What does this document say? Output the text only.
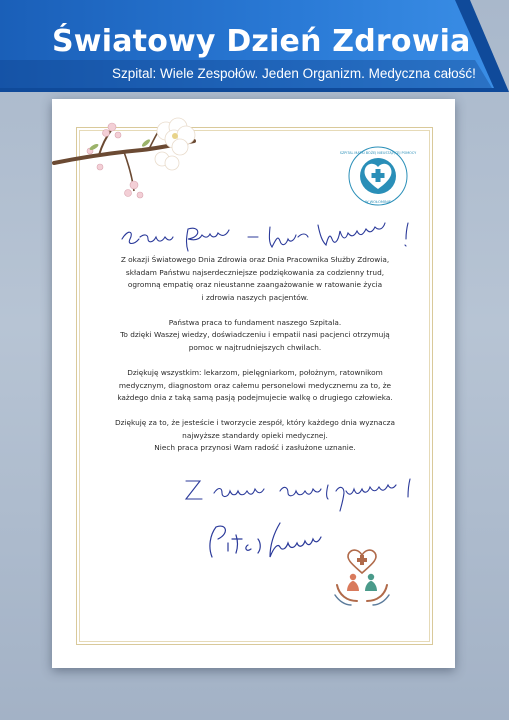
Światowy Dzień Zdrowia
Szpital: Wiele Zespołów. Jeden Organizm. Medyczna całość!
SZPITAL MATKI BOŻEJ NIEUSTAJĄCEJ POMOCY
W WOŁOMINIE
Szanowni Państwo - drodzy Współpracownicy!

Z okazji Światowego Dnia Zdrowia oraz Dnia Pracownika Służby Zdrowia,
składam Państwu najserdeczniejsze podziękowania za codzienny trud,
ogromną empatię oraz nieustanne zaangażowanie w ratowanie życia
i zdrowia naszych pacjentów.

Państwa praca to fundament naszego Szpitala.
To dzięki Waszej wiedzy, doświadczeniu i empatii nasi pacjenci otrzymują
pomoc w najtrudniejszych chwilach.

Dziękuję wszystkim: lekarzom, pielęgniarkom, położnym, ratownikom
medycznym, diagnostom oraz całemu personelowi medycznemu za to, że
każdego dnia z taką samą pasją podejmujecie walkę o drugiego człowieka.

Dziękuję za to, że jesteście i tworzycie zespół, który każdego dnia wyznacza
najwyższe standardy opieki medycznej.
Niech praca przynosi Wam radość i zasłużone uznanie.

Z wyrazami szacunku i podziękowaniami
Piotr Kowalski
